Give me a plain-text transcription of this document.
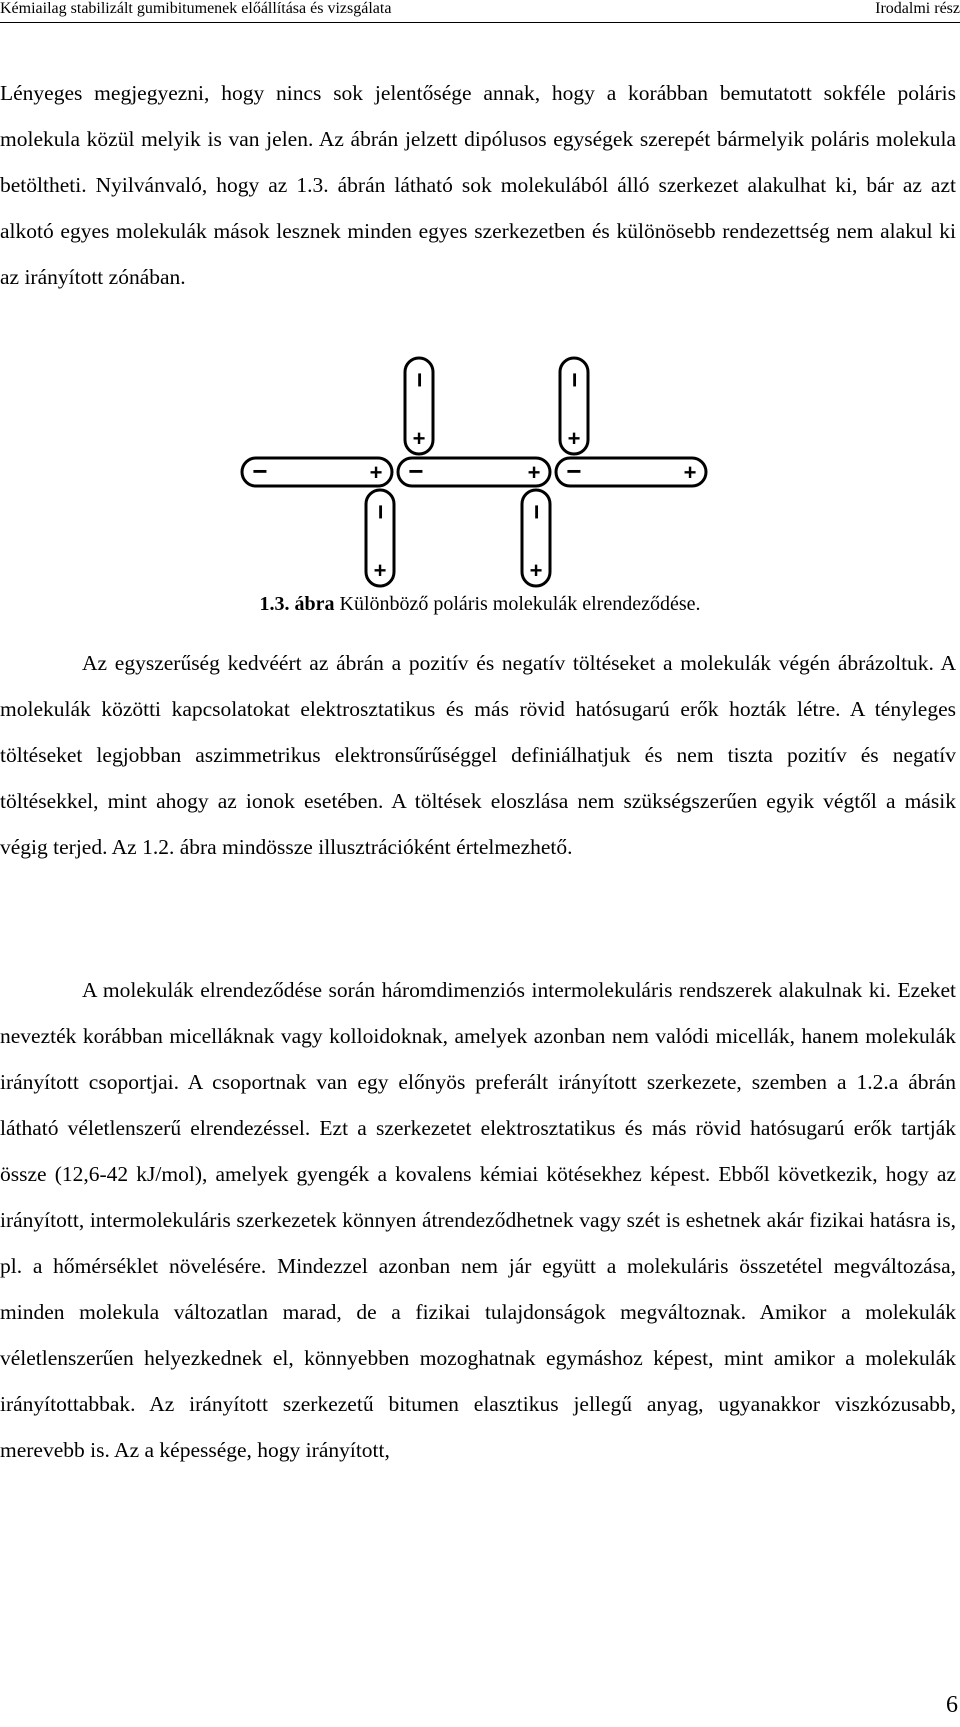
Kémiailag stabilizált gumibitumenek előállítása és vizsgálata	Irodalmi rész

Lényeges megjegyezni, hogy nincs sok jelentősége annak, hogy a korábban bemutatott sokféle poláris molekula közül melyik is van jelen. Az ábrán jelzett dipólusos egységek szerepét bármelyik poláris molekula betöltheti. Nyilvánvaló, hogy az 1.3. ábrán látható sok molekulából álló szerkezet alakulhat ki, bár az azt alkotó egyes molekulák mások lesznek minden egyes szerkezetben és különösebb rendezettség nem alakul ki az irányított zónában.

−
+
−
+
−	+ −	+ −	+
−
+
−
+
1.3. ábra Különböző poláris molekulák elrendeződése.

Az egyszerűség kedvéért az ábrán a pozitív és negatív töltéseket a molekulák végén ábrázoltuk. A molekulák közötti kapcsolatokat elektrosztatikus és más rövid hatósugarú erők hozták létre. A tényleges töltéseket legjobban aszimmetrikus elektronsűrűséggel definiálhatjuk és nem tiszta pozitív és negatív töltésekkel, mint ahogy az ionok esetében. A töltések eloszlása nem szükségszerűen egyik végtől a másik végig terjed. Az 1.2. ábra mindössze illusztrációként értelmezhető.

A molekulák elrendeződése során háromdimenziós intermolekuláris rendszerek alakulnak ki. Ezeket nevezték korábban micelláknak vagy kolloidoknak, amelyek azonban nem valódi micellák, hanem molekulák irányított csoportjai. A csoportnak van egy előnyös preferált irányított szerkezete, szemben a 1.2.a ábrán látható véletlenszerű elrendezéssel. Ezt a szerkezetet elektrosztatikus és más rövid hatósugarú erők tartják össze (12,6-42 kJ/mol), amelyek gyengék a kovalens kémiai kötésekhez képest. Ebből következik, hogy az irányított, intermolekuláris szerkezetek könnyen átrendeződhetnek vagy szét is eshetnek akár fizikai hatásra is, pl. a hőmérséklet növelésére. Mindezzel azonban nem jár együtt a molekuláris összetétel megváltozása, minden molekula változatlan marad, de a fizikai tulajdonságok megváltoznak. Amikor a molekulák véletlenszerűen helyezkednek el, könnyebben mozoghatnak egymáshoz képest, mint amikor a molekulák irányítottabbak. Az irányított szerkezetű bitumen elasztikus jellegű anyag, ugyanakkor viszkózusabb, merevebb is. Az a képessége, hogy irányított,

6
